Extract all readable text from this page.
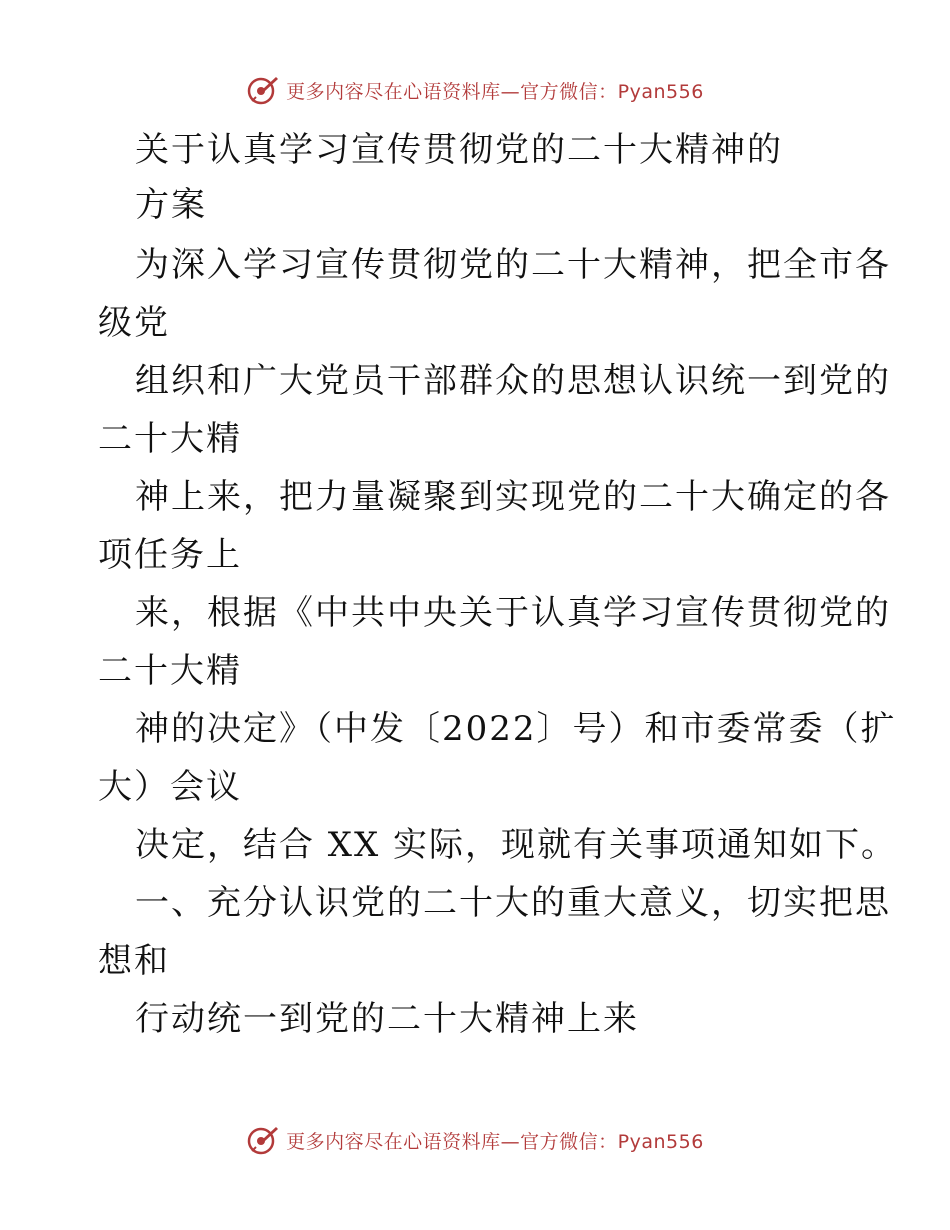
更多内容尽在心语资料库—官方微信：Pyan556
关于认真学习宣传贯彻党的二十大精神的
方案
为深入学习宣传贯彻党的二十大精神，把全市各
级党
组织和广大党员干部群众的思想认识统一到党的
二十大精
神上来，把力量凝聚到实现党的二十大确定的各
项任务上
来，根据《中共中央关于认真学习宣传贯彻党的
二十大精
神的决定》（中发〔2022〕号）和市委常委（扩
大）会议
决定，结合 XX 实际，现就有关事项通知如下。
一、充分认识党的二十大的重大意义，切实把思
想和
行动统一到党的二十大精神上来
更多内容尽在心语资料库—官方微信：Pyan556
